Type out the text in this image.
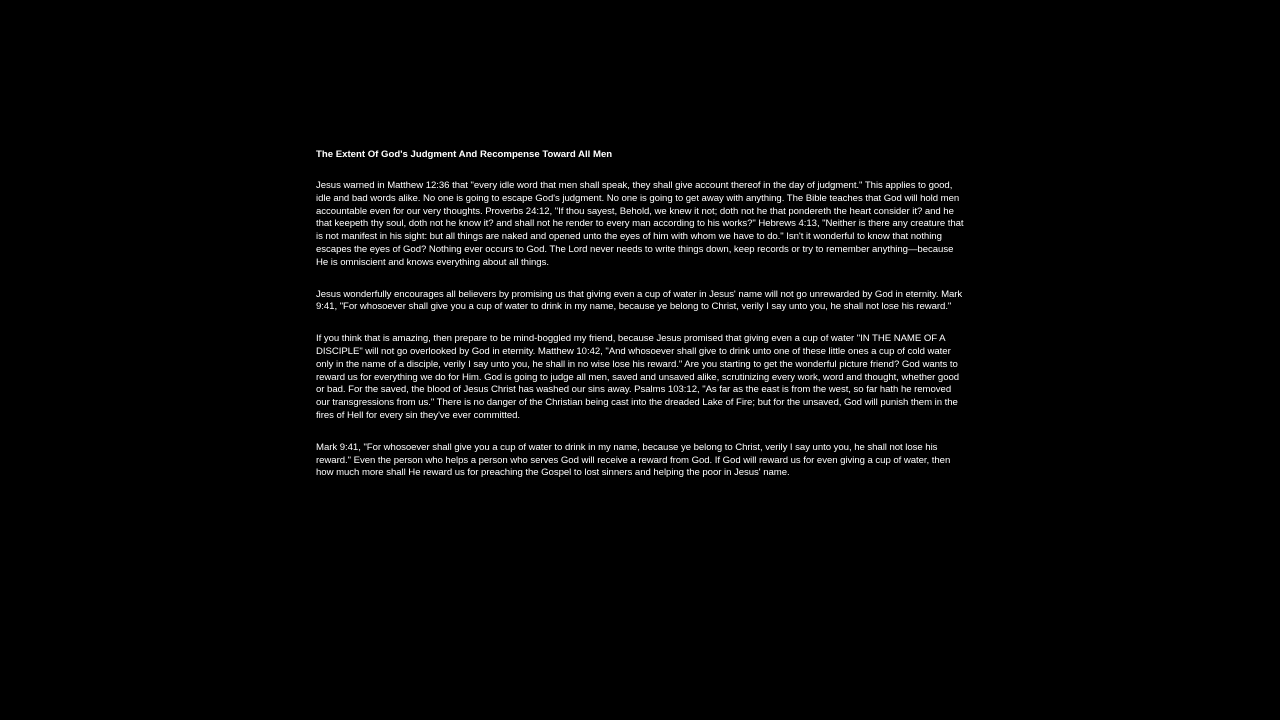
The Extent Of God's Judgment And Recompense Toward All Men

Jesus warned in Matthew 12:36 that "every idle word that men shall speak, they shall give account thereof in the day of judgment." This applies to good, idle and bad words alike. No one is going to escape God's judgment. No one is going to get away with anything. The Bible teaches that God will hold men accountable even for our very thoughts. Proverbs 24:12, "If thou sayest, Behold, we knew it not; doth not he that pondereth the heart consider it? and he that keepeth thy soul, doth not he know it? and shall not he render to every man according to his works?" Hebrews 4:13, "Neither is there any creature that is not manifest in his sight: but all things are naked and opened unto the eyes of him with whom we have to do." Isn't it wonderful to know that nothing escapes the eyes of God? Nothing ever occurs to God. The Lord never needs to write things down, keep records or try to remember anything—because He is omniscient and knows everything about all things.

Jesus wonderfully encourages all believers by promising us that giving even a cup of water in Jesus' name will not go unrewarded by God in eternity. Mark 9:41, "For whosoever shall give you a cup of water to drink in my name, because ye belong to Christ, verily I say unto you, he shall not lose his reward."

If you think that is amazing, then prepare to be mind-boggled my friend, because Jesus promised that giving even a cup of water "IN THE NAME OF A DISCIPLE" will not go overlooked by God in eternity. Matthew 10:42, "And whosoever shall give to drink unto one of these little ones a cup of cold water only in the name of a disciple, verily I say unto you, he shall in no wise lose his reward." Are you starting to get the wonderful picture friend? God wants to reward us for everything we do for Him. God is going to judge all men, saved and unsaved alike, scrutinizing every work, word and thought, whether good or bad. For the saved, the blood of Jesus Christ has washed our sins away. Psalms 103:12, "As far as the east is from the west, so far hath he removed our transgressions from us." There is no danger of the Christian being cast into the dreaded Lake of Fire; but for the unsaved, God will punish them in the fires of Hell for every sin they've ever committed.

Mark 9:41, "For whosoever shall give you a cup of water to drink in my name, because ye belong to Christ, verily I say unto you, he shall not lose his reward." Even the person who helps a person who serves God will receive a reward from God. If God will reward us for even giving a cup of water, then how much more shall He reward us for preaching the Gospel to lost sinners and helping the poor in Jesus' name.
